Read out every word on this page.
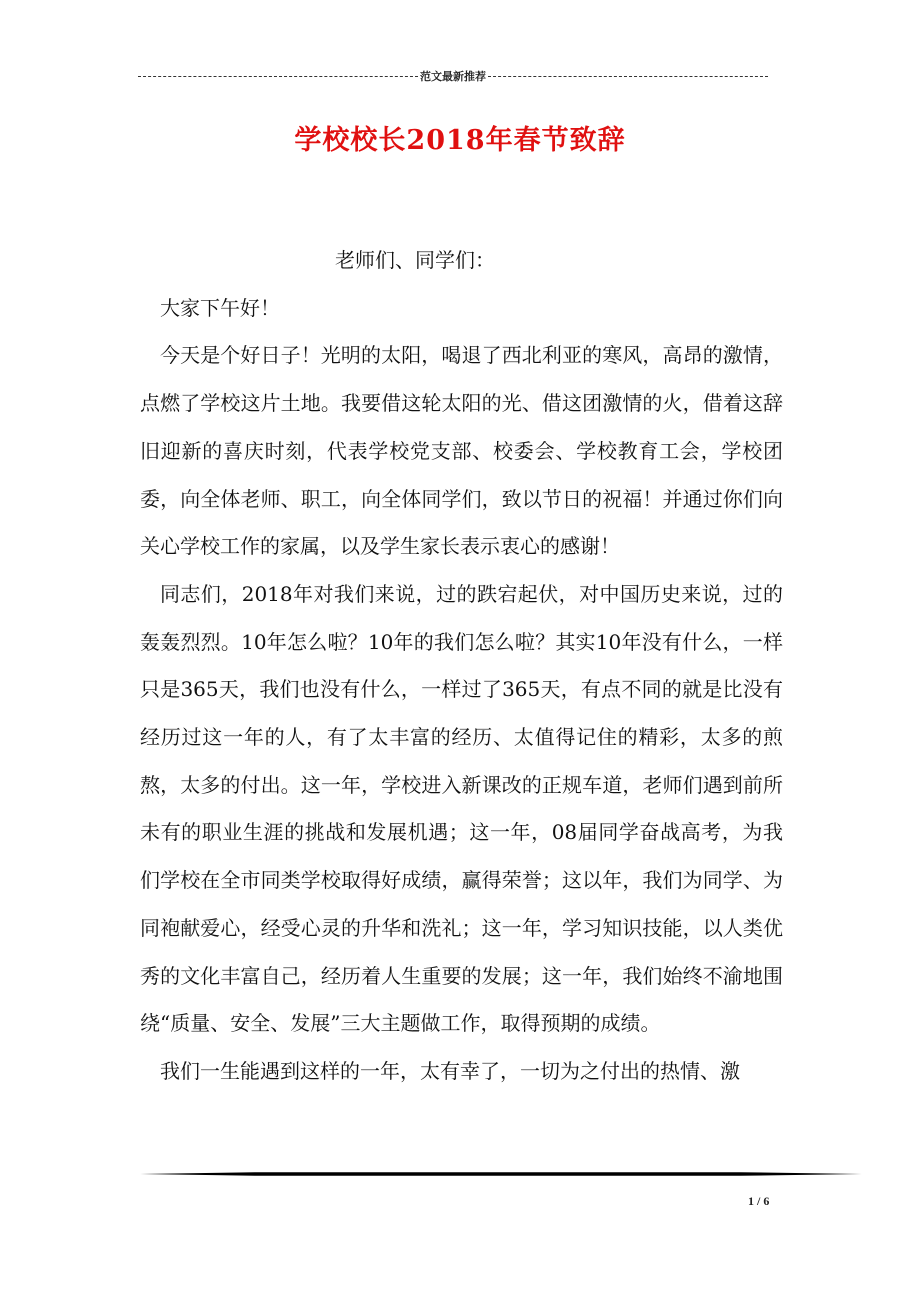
范文最新推荐
学校校长2018年春节致辞

老师们、同学们：

大家下午好！

今天是个好日子！光明的太阳，喝退了西北利亚的寒风，高昂的激情，点燃了学校这片土地。我要借这轮太阳的光、借这团激情的火，借着这辞旧迎新的喜庆时刻，代表学校党支部、校委会、学校教育工会，学校团委，向全体老师、职工，向全体同学们，致以节日的祝福！并通过你们向关心学校工作的家属，以及学生家长表示衷心的感谢！

同志们，2018年对我们来说，过的跌宕起伏，对中国历史来说，过的轰轰烈烈。10年怎么啦？10年的我们怎么啦？其实10年没有什么，一样只是365天，我们也没有什么，一样过了365天，有点不同的就是比没有经历过这一年的人，有了太丰富的经历、太值得记住的精彩，太多的煎熬，太多的付出。这一年，学校进入新课改的正规车道，老师们遇到前所未有的职业生涯的挑战和发展机遇；这一年，08届同学奋战高考，为我们学校在全市同类学校取得好成绩，赢得荣誉；这以年，我们为同学、为同袍献爱心，经受心灵的升华和洗礼；这一年，学习知识技能，以人类优秀的文化丰富自己，经历着人生重要的发展；这一年，我们始终不渝地围绕“质量、安全、发展”三大主题做工作，取得预期的成绩。

我们一生能遇到这样的一年，太有幸了，一切为之付出的热情、激

1 / 6
